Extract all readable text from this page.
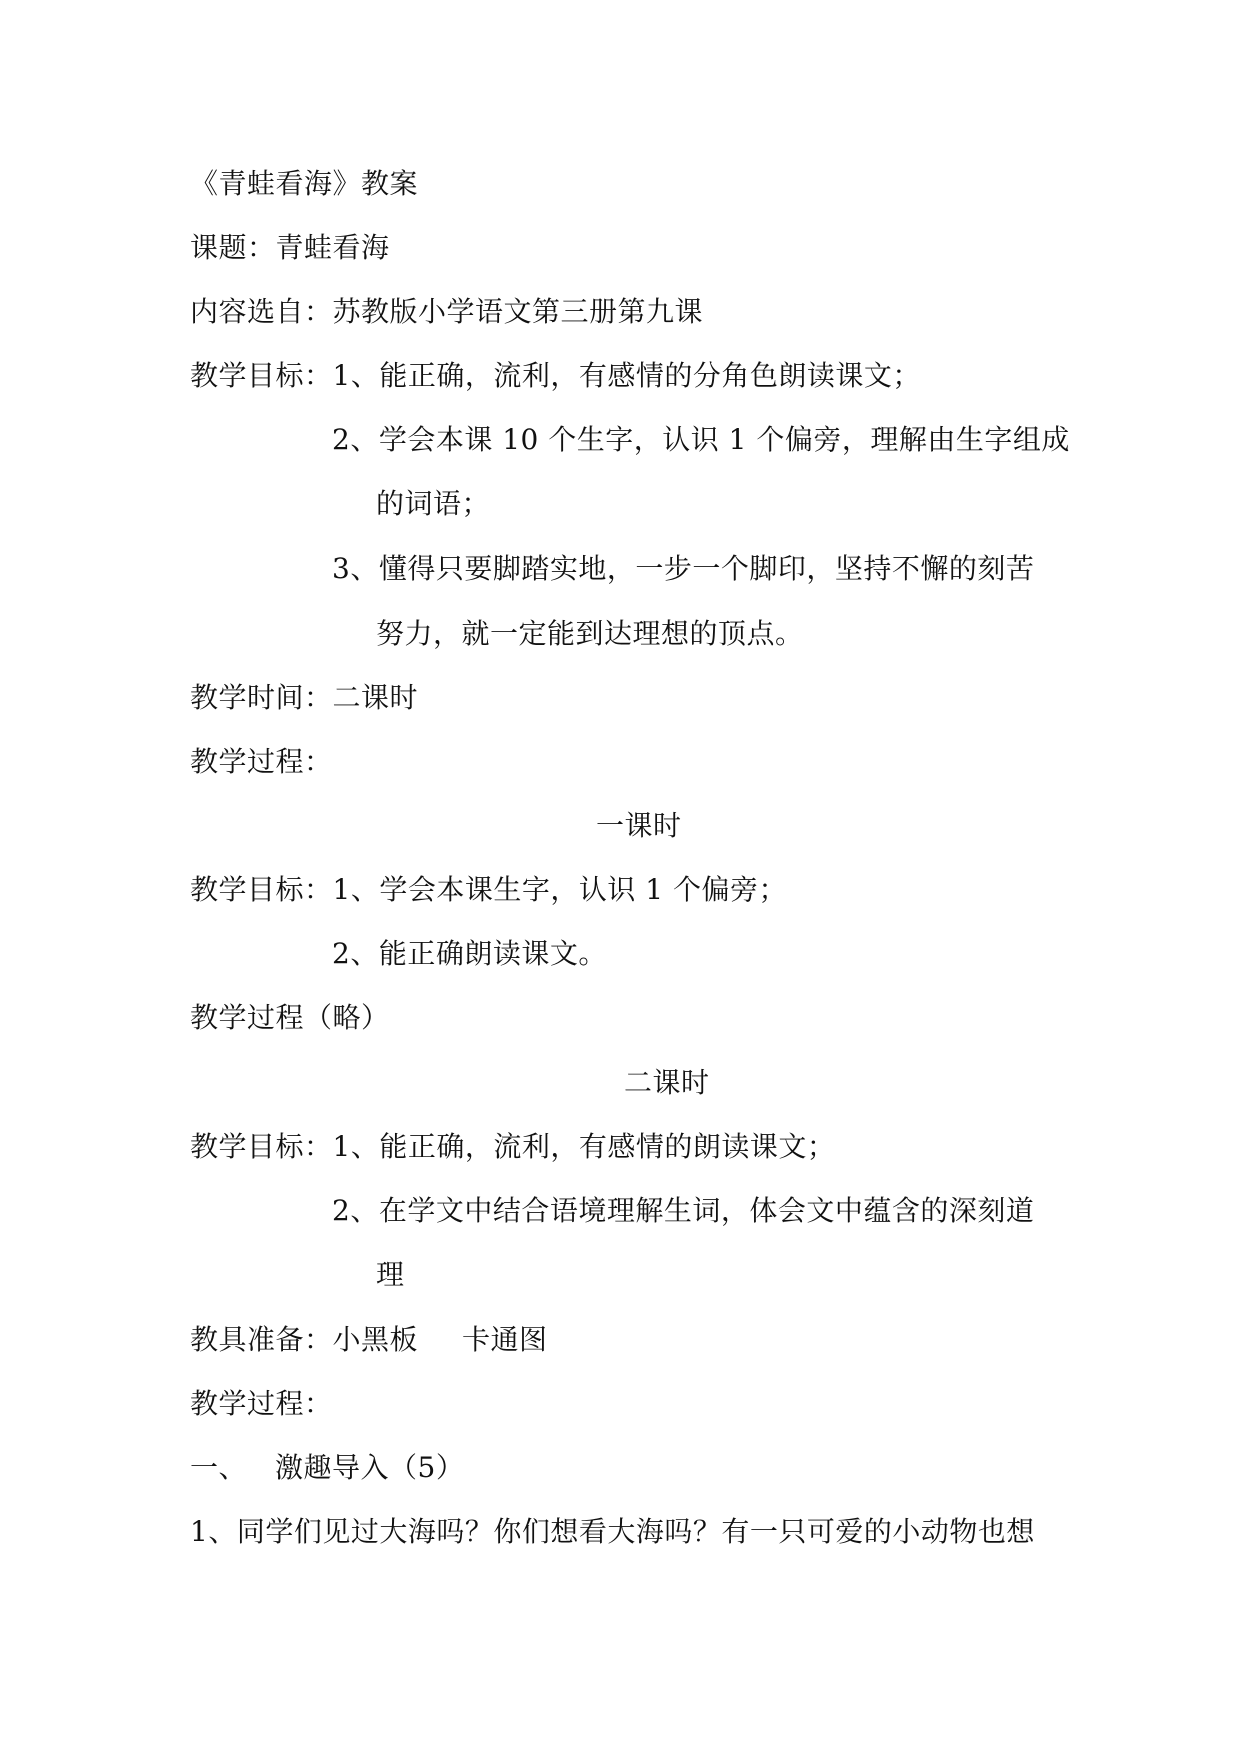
《青蛙看海》教案
课题：青蛙看海
内容选自：苏教版小学语文第三册第九课
教学目标：1、能正确，流利，有感情的分角色朗读课文；
2、学会本课 10 个生字，认识 1 个偏旁，理解由生字组成
的词语；
3、懂得只要脚踏实地，一步一个脚印，坚持不懈的刻苦
努力，就一定能到达理想的顶点。
教学时间：二课时
教学过程：
一课时
教学目标：1、学会本课生字，认识 1 个偏旁；
2、能正确朗读课文。
教学过程（略）
二课时
教学目标：1、能正确，流利，有感情的朗读课文；
2、在学文中结合语境理解生词，体会文中蕴含的深刻道
理
教具准备：小黑板 卡通图
教学过程：
一、 激趣导入（5）
1、同学们见过大海吗？你们想看大海吗？有一只可爱的小动物也想
